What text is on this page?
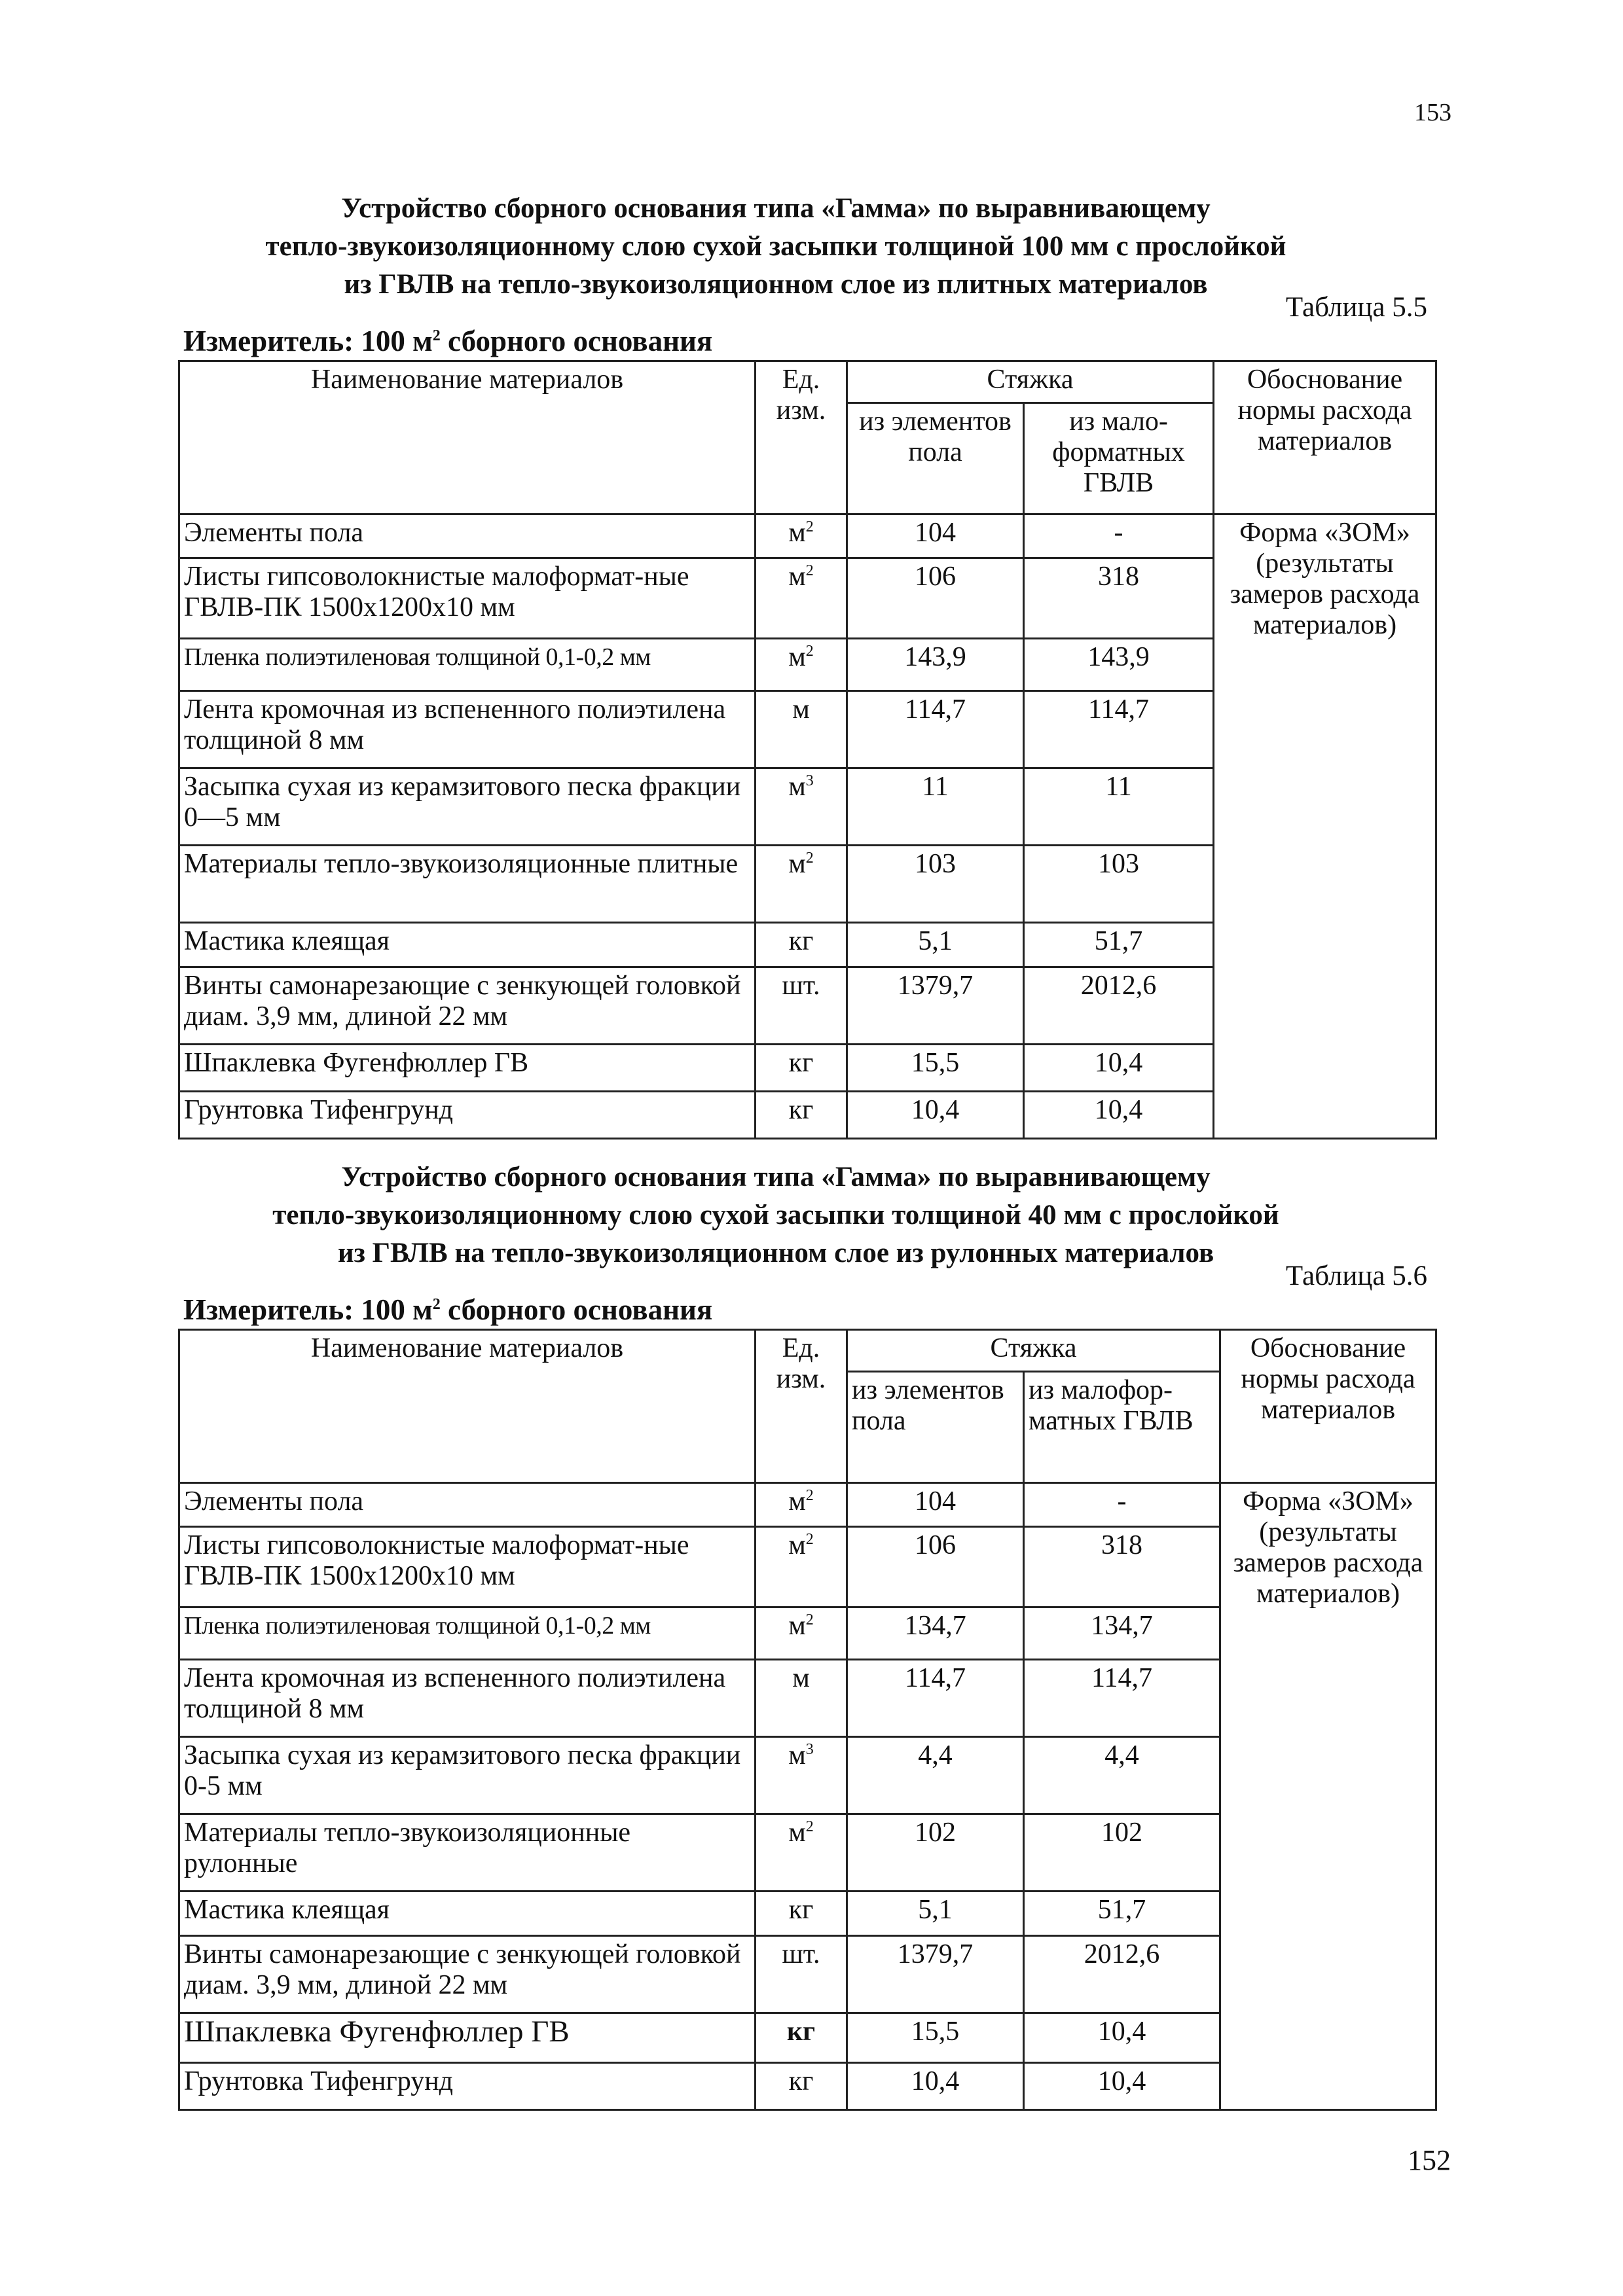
153
152
Устройство сборного основания типа «Гамма» по выравнивающему
тепло-звукоизоляционному слою сухой засыпки толщиной 100 мм с прослойкой
из ГВЛВ на тепло-звукоизоляционном слое из плитных материалов
Таблица 5.5
Измеритель: 100 $м^2$ сборного основания
Наименование материалов	Ед. изм.	Стяжка		Обоснование нормы расхода материалов
		из элементов пола	из мало-форматных ГВЛВ	
Элементы пола	$м^2$	104	-	Форма «ЗОМ» (результаты замеров расхода материалов)
Листы гипсоволокнистые малоформат-ные ГВЛВ-ПК 1500х1200х10 мм	$м^2$	106	318	
Пленка полиэтиленовая толщиной 0,1-0,2 мм	$м^2$	143,9	143,9	
Лента кромочная из вспененного полиэтилена толщиной 8 мм	м	114,7	114,7	
Засыпка сухая из керамзитового песка фракции 0—5 мм	$м^3$	11	11	
Материалы тепло-звукоизоляционные плитные	$м^2$	103	103	
Мастика клеящая	кг	5,1	51,7	
Винты самонарезающие с зенкующей головкой диам. 3,9 мм, длиной 22 мм	шт.	1379,7	2012,6	
Шпаклевка Фугенфюллер ГВ	кг	15,5	10,4	
Грунтовка Тифенгрунд	кг	10,4	10,4	
Устройство сборного основания типа «Гамма» по выравнивающему
тепло-звукоизоляционному слою сухой засыпки толщиной 40 мм с прослойкой
из ГВЛВ на тепло-звукоизоляционном слое из рулонных материалов
Таблица 5.6
Измеритель: 100 $м^2$ сборного основания
Наименование материалов	Ед. изм.	Стяжка		Обоснование нормы расхода материалов
		из элементов пола	из малофор-матных ГВЛВ	
Элементы пола	$м^2$	104	-	Форма «ЗОМ» (результаты замеров расхода материалов)
Листы гипсоволокнистые малоформат-ные ГВЛВ-ПК 1500х1200х10 мм	$м^2$	106	318	
Пленка полиэтиленовая толщиной 0,1-0,2 мм	$м^2$	134,7	134,7	
Лента кромочная из вспененного полиэтилена толщиной 8 мм	м	114,7	114,7	
Засыпка сухая из керамзитового песка фракции 0-5 мм	$м^3$	4,4	4,4	
Материалы тепло-звукоизоляционные рулонные	$м^2$	102	102	
Мастика клеящая	кг	5,1	51,7	
Винты самонарезающие с зенкующей головкой диам. 3,9 мм, длиной 22 мм	шт.	1379,7	2012,6	
Шпаклевка Фугенфюллер ГВ	кг	15,5	10,4	
Грунтовка Тифенгрунд	кг	10,4	10,4	
